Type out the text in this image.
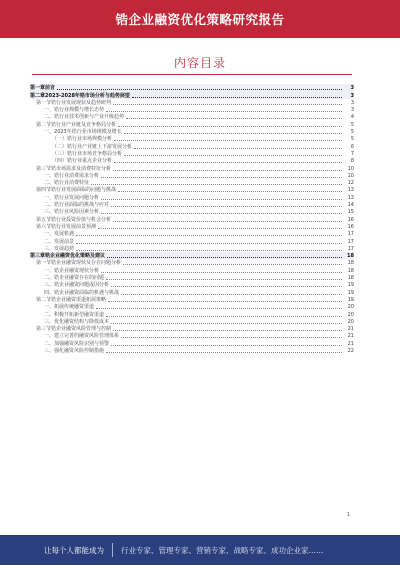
锆企业融资优化策略研究报告
内容目录
第一章 前言	3
第二章 2023-2028年锆市场分析与趋势展望	3
第一节 锆行业发展现状及趋势研判	3
一、 锆行业规模与增长态势	3
二、 锆行业技术创新与产业升级趋势	4
第二节 锆行业产业链及竞争格局分析	5
一、 2023年锆行业市场规模及增长	5
（一） 锆行业市场规模分析	5
（二） 锆行业产业链上下游发展分析	6
（三） 锆行业市场竞争格局分析	7
（四） 锆行业重点企业分析	8
第三节 锆市场需求及消费特征分析	10
一、 锆行业消费需求分析	10
二、 锆行业消费特征	12
第四节 锆行业发展面临的问题与挑战	13
一、 锆行业发展问题分析	13
二、 锆行业面临的挑战与应对	14
三、 锆行业风险因素分析	15
第五节 锆行业投资价值与机会分析	16
第六节 锆行业发展前景预测	16
一、 发展机遇	17
二、 发展前景	17
三、 发展趋势	17
第三章 锆企业融资优化策略及建议	18
第一节 锆企业融资现状及存在问题分析	18
一、 锆企业融资现状分析	18
二、 锆企业融资存在的问题	18
三、 锆企业融资问题成因分析	19
四、 锆企业融资面临的机遇与挑战	19
第二节 锆企业融资渠道拓展策略	19
一、 拓展传统融资渠道	20
二、 积极开拓新型融资渠道	20
三、 优化融资结构与降低成本	20
第三节 锆企业融资风险管理与控制	21
一、 建立完善的融资风险管理体系	21
二、 加强融资风险识别与预警	21
三、 强化融资风险控制措施	22
1
让每个人都能成为	行业专家、管理专家、营销专家、战略专家、成功企业家……
